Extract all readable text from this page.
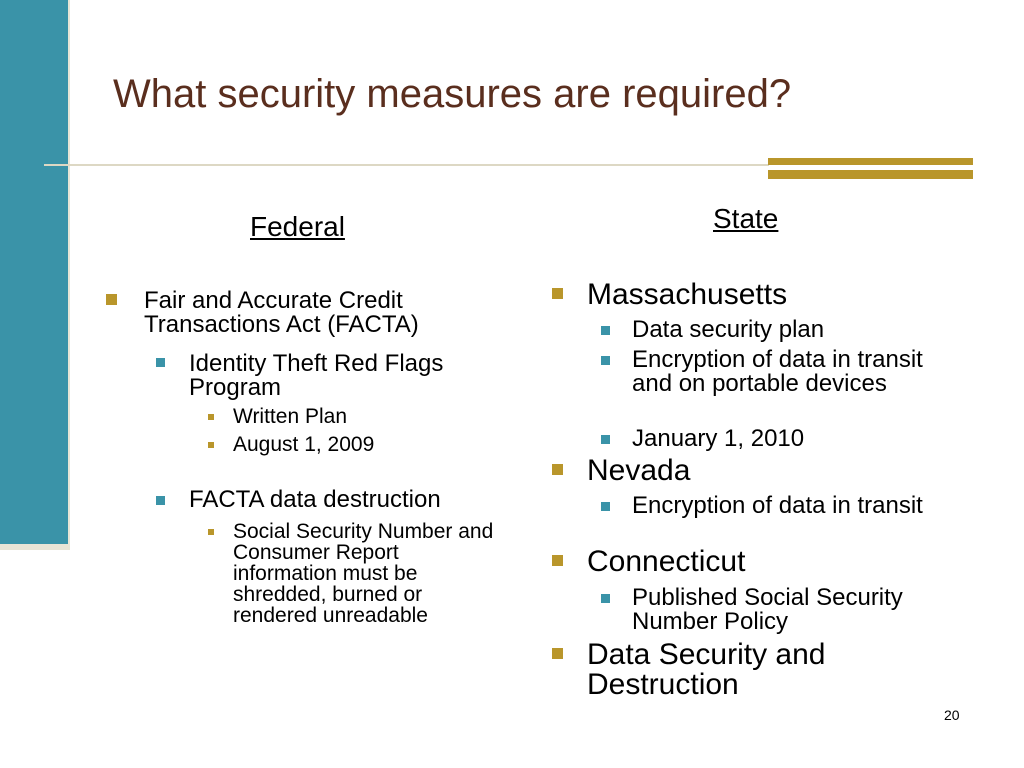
What security measures are required?
Federal
Fair and Accurate Credit Transactions Act (FACTA)
Identity Theft Red Flags Program
Written Plan
August 1, 2009
FACTA data destruction
Social Security Number and Consumer Report information must be shredded, burned or rendered unreadable
State
Massachusetts
Data security plan
Encryption of data in transit and on portable devices
January 1, 2010
Nevada
Encryption of data in transit
Connecticut
Published Social Security Number Policy
Data Security and Destruction
20
